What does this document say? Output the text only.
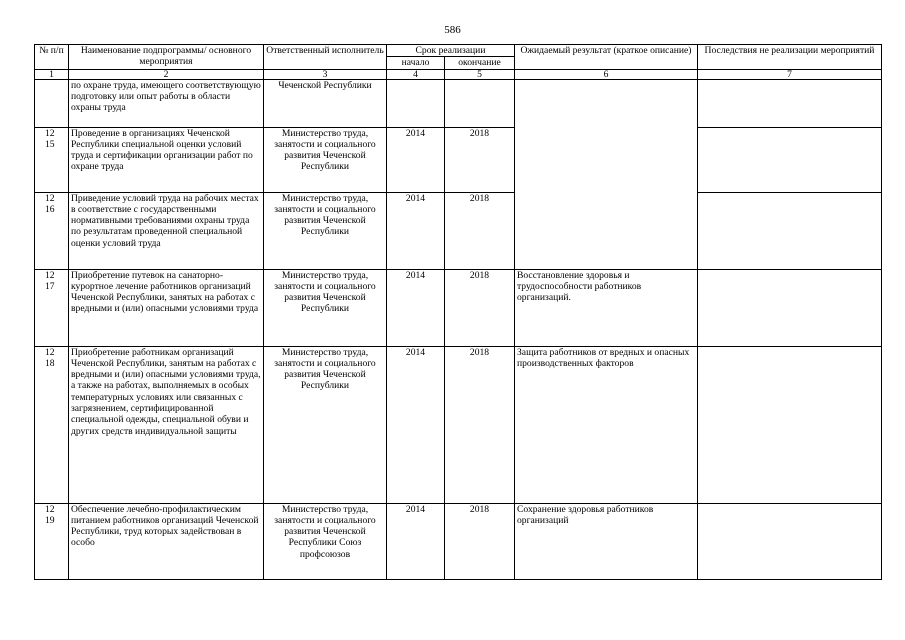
586
№ п/п	Наименование подпрограммы/ основного мероприятия	Ответственный исполнитель	Срок реализации		Ожидаемый результат (краткое описание)	Последствия не реализации мероприятий
			начало	окончание		
1	2	3	4	5	6	7
	по охране труда, имеющего соответствующую подготовку или опыт работы в области охраны труда	Чеченской Республики				
12 15	Проведение в организациях Чеченской Республики специальной оценки условий труда и сертификации организации работ по охране труда	Министерство труда, занятости и социального развития Чеченской Республики	2014	2018		
12 16	Приведение условий труда на рабочих местах в соответствие с государственными нормативными требованиями охраны труда по результатам проведенной специальной оценки условий труда	Министерство труда, занятости и социального развития Чеченской Республики	2014	2018		
12 17	Приобретение путевок на санаторно-курортное лечение работников организаций Чеченской Республики, занятых на работах с вредными и (или) опасными условиями труда	Министерство труда, занятости и социального развития Чеченской Республики	2014	2018	Восстановление здоровья и трудоспособности работников организаций.	
12 18	Приобретение работникам организаций Чеченской Республики, занятым на работах с вредными и (или) опасными условиями труда, а также на работах, выполняемых в особых температурных условиях или связанных с загрязнением, сертифицированной специальной одежды, специальной обуви и других средств индивидуальной защиты	Министерство труда, занятости и социального развития Чеченской Республики	2014	2018	Защита работников от вредных и опасных производственных факторов	
12 19	Обеспечение лечебно-профилактическим питанием работников организаций Чеченской Республики, труд которых задействован в особо	Министерство труда, занятости и социального развития Чеченской Республики Союз профсоюзов	2014	2018	Сохранение здоровья работников организаций	
